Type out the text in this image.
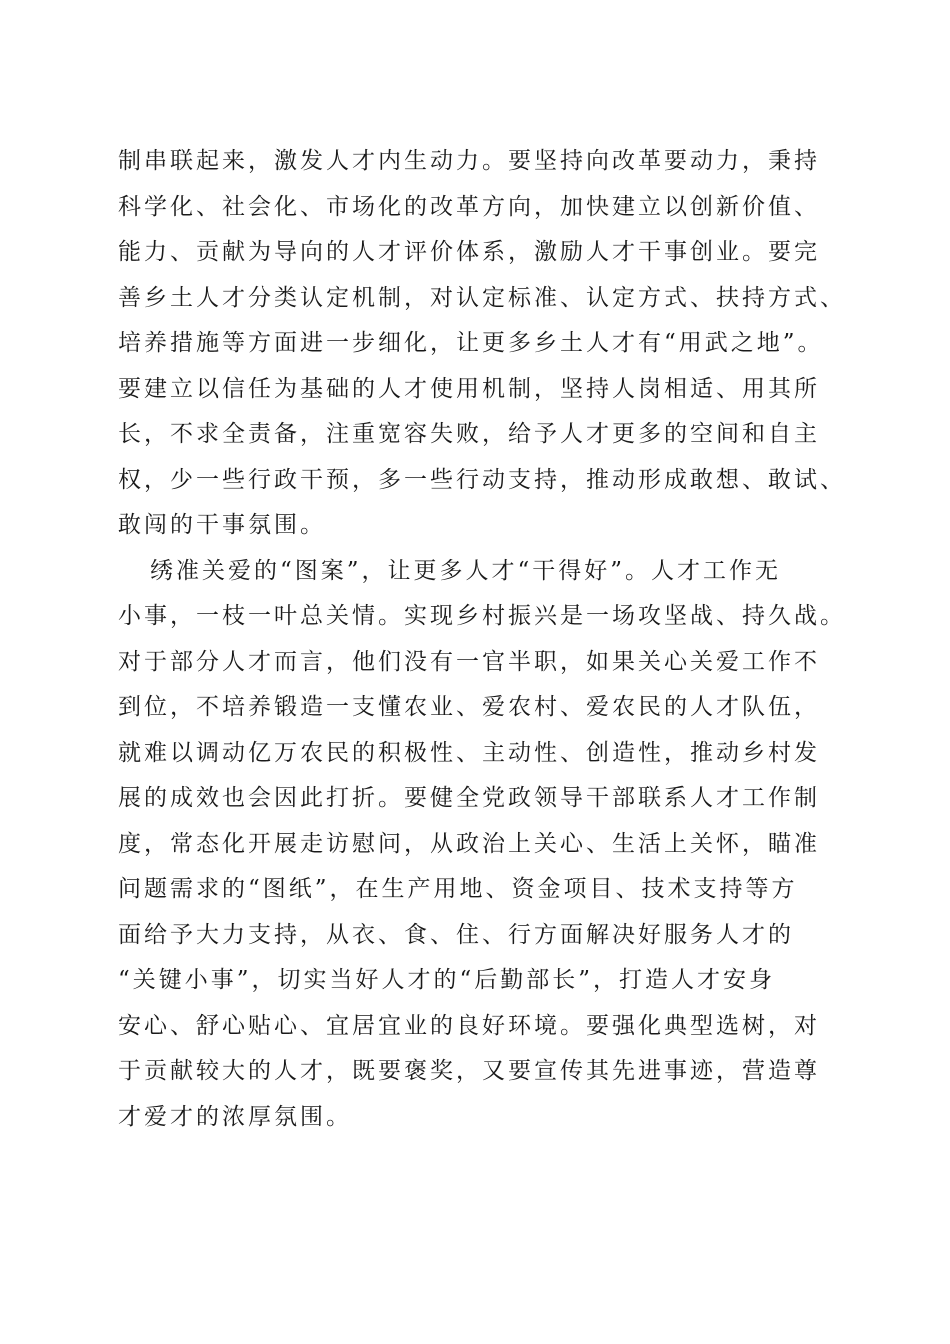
制串联起来，激发人才内生动力。要坚持向改革要动力，秉持
科学化、社会化、市场化的改革方向，加快建立以创新价值、
能力、贡献为导向的人才评价体系，激励人才干事创业。要完
善乡土人才分类认定机制，对认定标准、认定方式、扶持方式、
培养措施等方面进一步细化，让更多乡土人才有“用武之地”。
要建立以信任为基础的人才使用机制，坚持人岗相适、用其所
长，不求全责备，注重宽容失败，给予人才更多的空间和自主
权，少一些行政干预，多一些行动支持，推动形成敢想、敢试、
敢闯的干事氛围。
绣准关爱的“图案”，让更多人才“干得好”。人才工作无
小事，一枝一叶总关情。实现乡村振兴是一场攻坚战、持久战。
对于部分人才而言，他们没有一官半职，如果关心关爱工作不
到位，不培养锻造一支懂农业、爱农村、爱农民的人才队伍，
就难以调动亿万农民的积极性、主动性、创造性，推动乡村发
展的成效也会因此打折。要健全党政领导干部联系人才工作制
度，常态化开展走访慰问，从政治上关心、生活上关怀，瞄准
问题需求的“图纸”，在生产用地、资金项目、技术支持等方
面给予大力支持，从衣、食、住、行方面解决好服务人才的
“关键小事”，切实当好人才的“后勤部长”，打造人才安身
安心、舒心贴心、宜居宜业的良好环境。要强化典型选树，对
于贡献较大的人才，既要褒奖，又要宣传其先进事迹，营造尊
才爱才的浓厚氛围。
